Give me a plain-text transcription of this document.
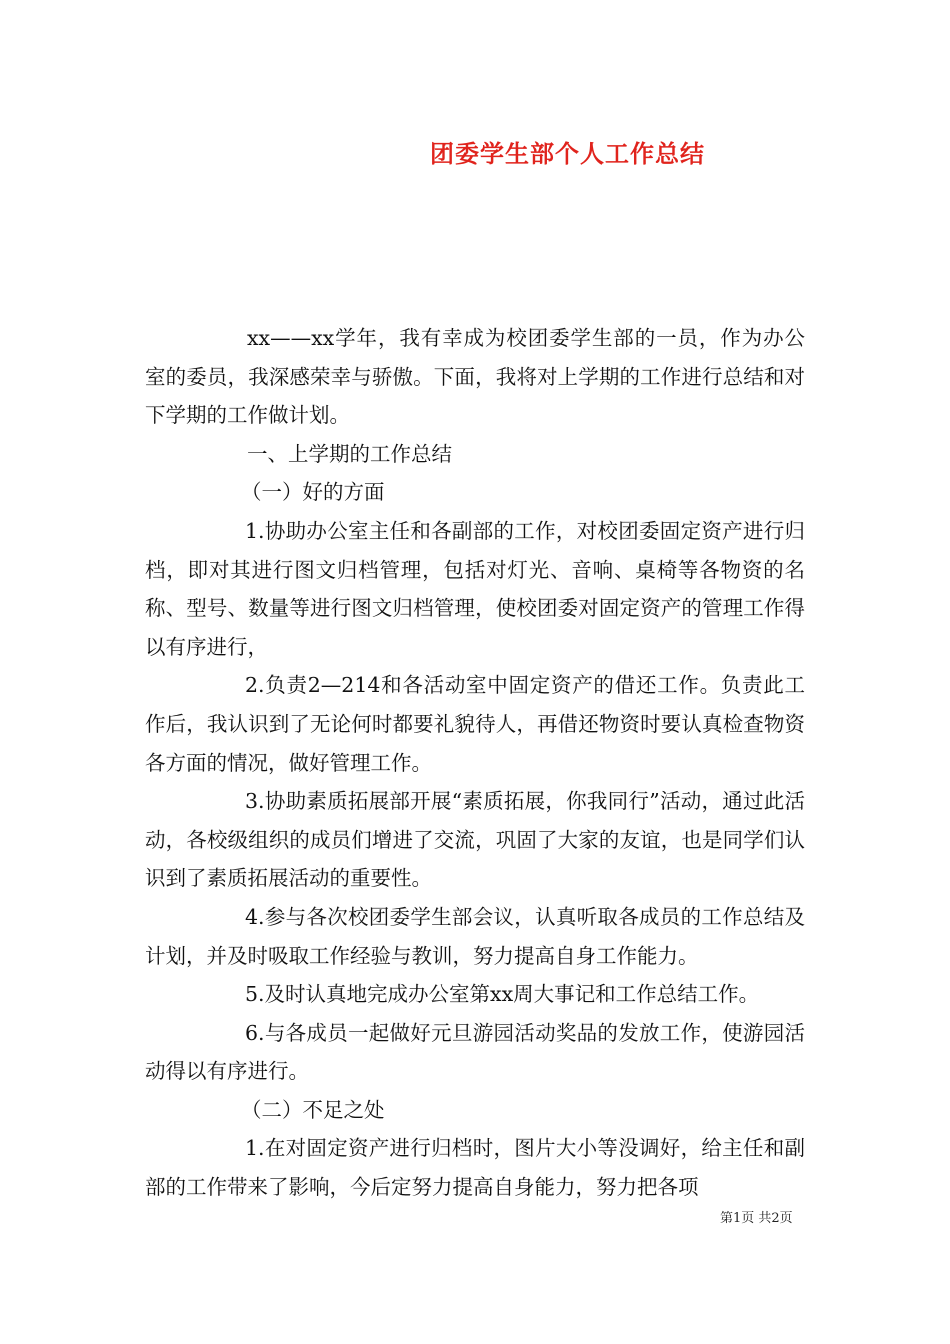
团委学生部个人工作总结

xx——xx学年，我有幸成为校团委学生部的一员，作为办公室的委员，我深感荣幸与骄傲。下面，我将对上学期的工作进行总结和对下学期的工作做计划。

一、上学期的工作总结

（一）好的方面

1.协助办公室主任和各副部的工作，对校团委固定资产进行归档，即对其进行图文归档管理，包括对灯光、音响、桌椅等各物资的名称、型号、数量等进行图文归档管理，使校团委对固定资产的管理工作得以有序进行，

2.负责2—214和各活动室中固定资产的借还工作。负责此工作后，我认识到了无论何时都要礼貌待人，再借还物资时要认真检查物资各方面的情况，做好管理工作。

3.协助素质拓展部开展“素质拓展，你我同行”活动，通过此活动，各校级组织的成员们增进了交流，巩固了大家的友谊，也是同学们认识到了素质拓展活动的重要性。

4.参与各次校团委学生部会议，认真听取各成员的工作总结及计划，并及时吸取工作经验与教训，努力提高自身工作能力。

5.及时认真地完成办公室第xx周大事记和工作总结工作。

6.与各成员一起做好元旦游园活动奖品的发放工作，使游园活动得以有序进行。

（二）不足之处

1.在对固定资产进行归档时，图片大小等没调好，给主任和副部的工作带来了影响，今后定努力提高自身能力，努力把各项

第1页 共2页
